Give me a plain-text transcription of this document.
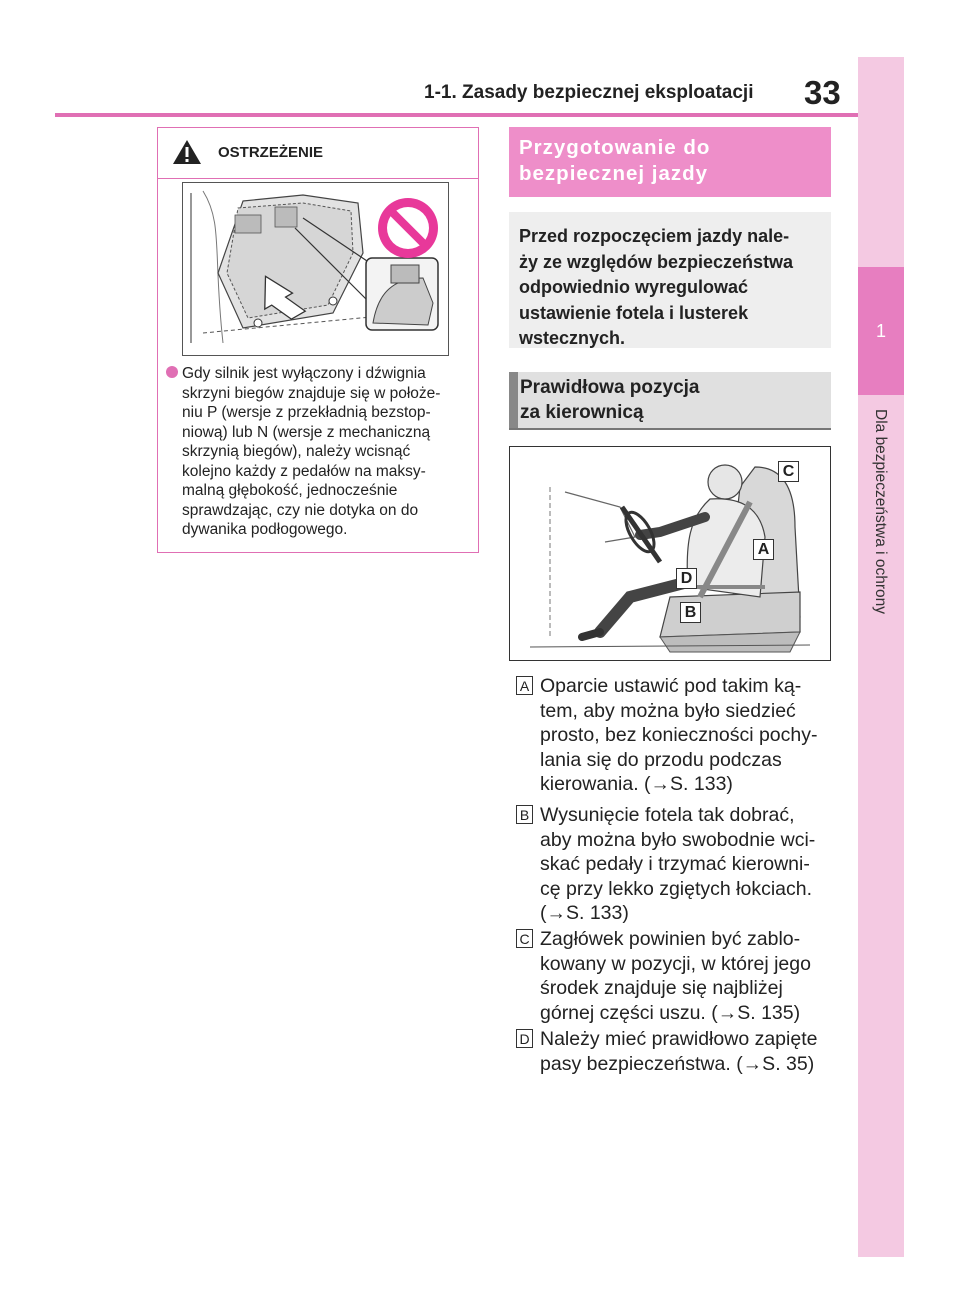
1-1. Zasady bezpiecznej eksploatacji 33
1
Dla bezpieczeństwa i ochrony
OSTRZEŻENIE
Gdy silnik jest wyłączony i dźwignia
skrzyni biegów znajduje się w położe-
niu P (wersje z przekładnią bezstop-
niową) lub N (wersje z mechaniczną
skrzynią biegów), należy wcisnąć
kolejno każdy z pedałów na maksy-
malną głębokość, jednocześnie
sprawdzając, czy nie dotyka on do
dywanika podłogowego.
Przygotowanie do
bezpiecznej jazdy
Przed rozpoczęciem jazdy nale-
ży ze względów bezpieczeństwa
odpowiednio wyregulować
ustawienie fotela i lusterek
wstecznych.
Prawidłowa pozycja
za kierownicą
C
A
D
B
A Oparcie ustawić pod takim ką-
tem, aby można było siedzieć
prosto, bez konieczności pochy-
lania się do przodu podczas
kierowania. (→S. 133)
B Wysunięcie fotela tak dobrać,
aby można było swobodnie wci-
skać pedały i trzymać kierowni-
cę przy lekko zgiętych łokciach.
(→S. 133)
C Zagłówek powinien być zablo-
kowany w pozycji, w której jego
środek znajduje się najbliżej
górnej części uszu. (→S. 135)
D Należy mieć prawidłowo zapięte
pasy bezpieczeństwa. (→S. 35)
